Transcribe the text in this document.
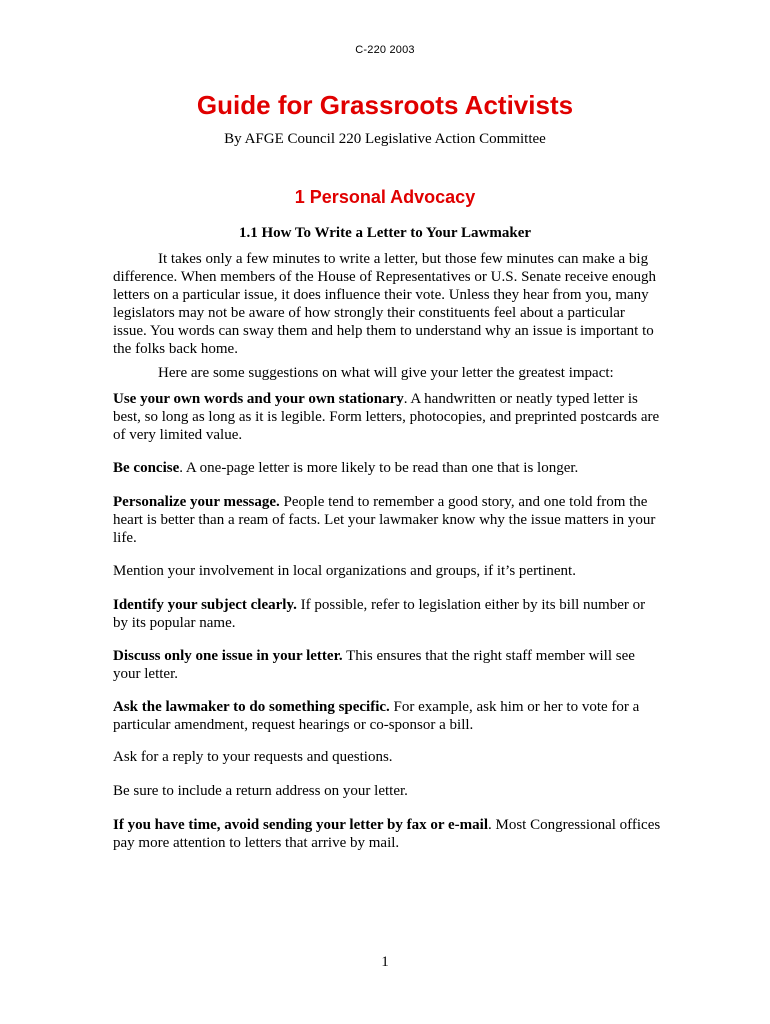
C-220 2003
Guide for Grassroots Activists
By AFGE Council 220 Legislative Action Committee
1 Personal Advocacy
1.1 How To Write a Letter to Your Lawmaker

It takes only a few minutes to write a letter, but those few minutes can make a big difference. When members of the House of Representatives or U.S. Senate receive enough letters on a particular issue, it does influence their vote. Unless they hear from you, many legislators may not be aware of how strongly their constituents feel about a particular issue. You words can sway them and help them to understand why an issue is important to the folks back home.

Here are some suggestions on what will give your letter the greatest impact:

Use your own words and your own stationary. A handwritten or neatly typed letter is best, so long as long as it is legible. Form letters, photocopies, and preprinted postcards are of very limited value.

Be concise. A one-page letter is more likely to be read than one that is longer.

Personalize your message. People tend to remember a good story, and one told from the heart is better than a ream of facts. Let your lawmaker know why the issue matters in your life.

Mention your involvement in local organizations and groups, if it’s pertinent.

Identify your subject clearly. If possible, refer to legislation either by its bill number or by its popular name.

Discuss only one issue in your letter. This ensures that the right staff member will see your letter.

Ask the lawmaker to do something specific. For example, ask him or her to vote for a particular amendment, request hearings or co-sponsor a bill.

Ask for a reply to your requests and questions.

Be sure to include a return address on your letter.

If you have time, avoid sending your letter by fax or e-mail. Most Congressional offices pay more attention to letters that arrive by mail.

1
